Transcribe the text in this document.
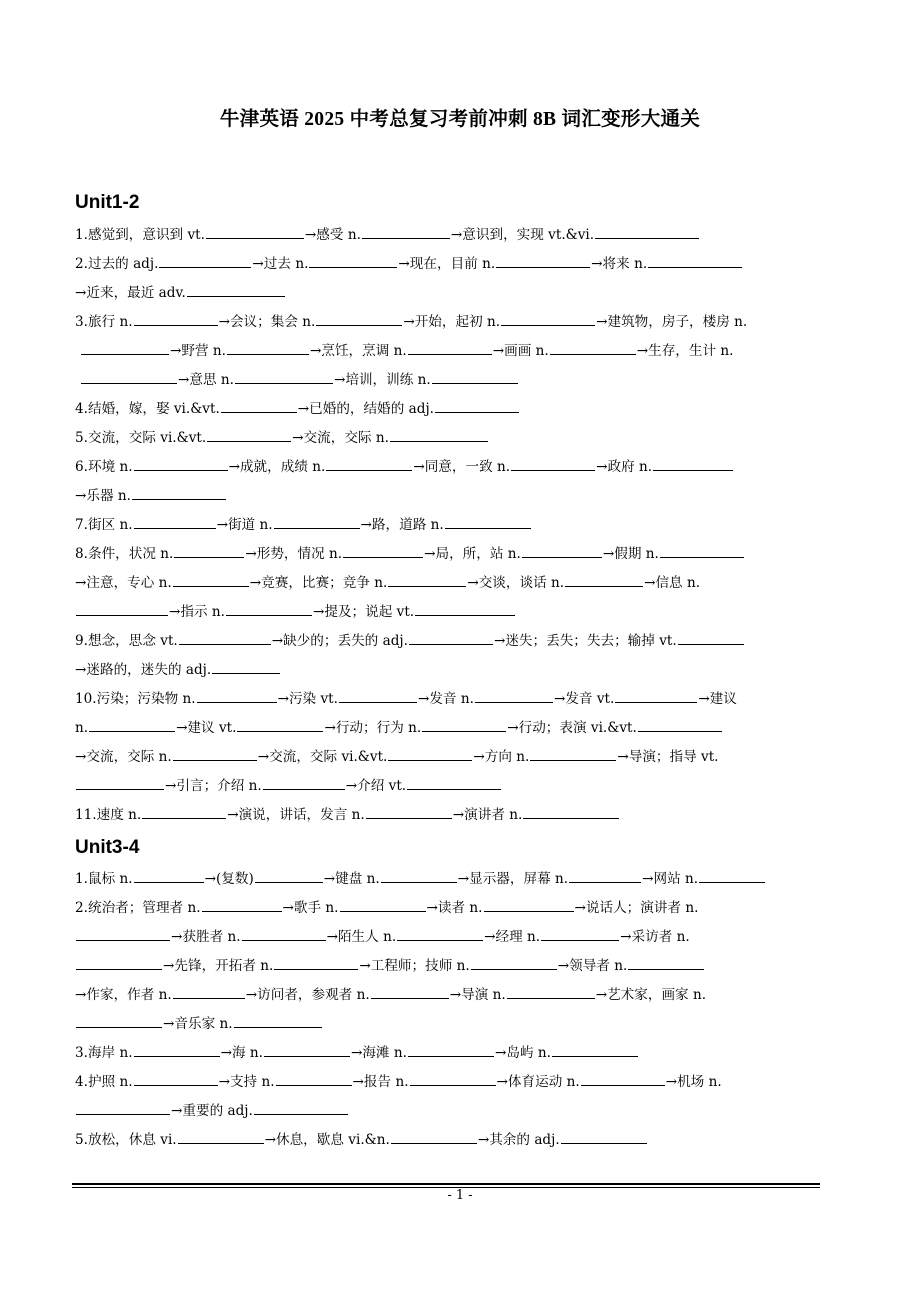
牛津英语 2025 中考总复习考前冲刺 8B 词汇变形大通关
Unit1-2
1.感觉到，意识到 vt.	→感受 n.	→意识到，实现 vt.&vi.
2.过去的 adj.	→过去 n.	→现在，目前 n.	→将来 n.
→近来，最近 adv.
3.旅行 n.	→会议；集会 n.	→开始，起初 n.	→建筑物，房子，楼房 n.
→野营 n.	→烹饪，烹调 n.	→画画 n.	→生存，生计 n.
→意思 n.	→培训，训练 n.
4.结婚，嫁，娶 vi.&vt.	→已婚的，结婚的 adj.
5.交流，交际 vi.&vt.	→交流，交际 n.
6.环境 n.	→成就，成绩 n.	→同意，一致 n.	→政府 n.
→乐器 n.
7.街区 n.	→街道 n.	→路，道路 n.
8.条件，状况 n.	→形势，情况 n.	→局，所，站 n.	→假期 n.
→注意，专心 n.	→竞赛，比赛；竞争 n.	→交谈，谈话 n.	→信息 n.
→指示 n.	→提及；说起 vt.
9.想念，思念 vt.	→缺少的；丢失的 adj.	→迷失；丢失；失去；输掉 vt.
→迷路的，迷失的 adj.
10.污染；污染物 n.	→污染 vt.	→发音 n.	→发音 vt.	→建议
n.	→建议 vt.	→行动；行为 n.	→行动；表演 vi.&vt.
→交流，交际 n.	→交流，交际 vi.&vt.	→方向 n.	→导演；指导 vt.
→引言；介绍 n.	→介绍 vt.
11.速度 n.	→演说，讲话，发言 n.	→演讲者 n.
Unit3-4
1.鼠标 n.	→(复数)	→键盘 n.	→显示器，屏幕 n.	→网站 n.
2.统治者；管理者 n.	→歌手 n.	→读者 n.	→说话人；演讲者 n.
→获胜者 n.	→陌生人 n.	→经理 n.	→采访者 n.
→先锋，开拓者 n.	→工程师；技师 n.	→领导者 n.
→作家，作者 n.	→访问者，参观者 n.	→导演 n.	→艺术家，画家 n.
→音乐家 n.
3.海岸 n.	→海 n.	→海滩 n.	→岛屿 n.
4.护照 n.	→支持 n.	→报告 n.	→体育运动 n.	→机场 n.
→重要的 adj.
5.放松，休息 vi.	→休息，歇息 vi.&n.	→其余的 adj.
- 1 -
